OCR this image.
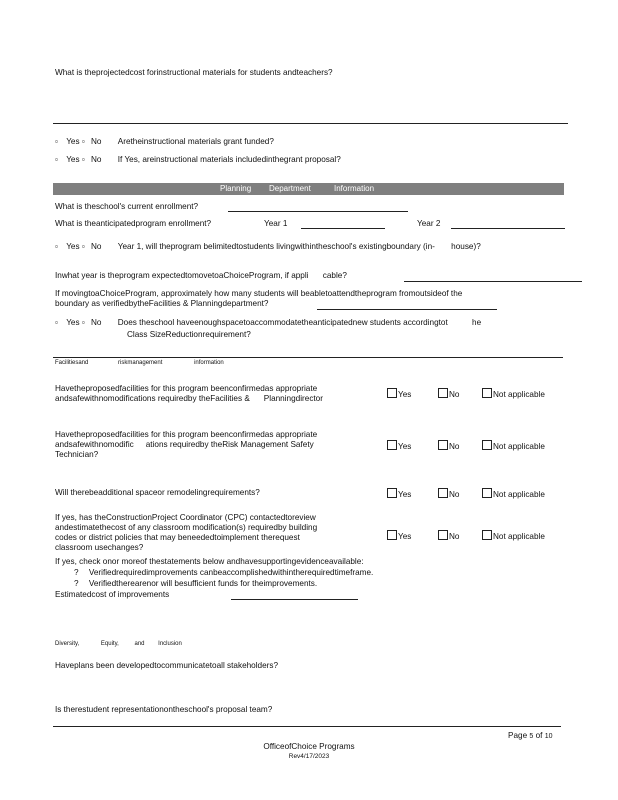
What is theprojectedcost forinstructional materials for students andteachers?
▫ Yes ▫ No Aretheinstructional materials grant funded?
▫ Yes ▫ No If Yes, areinstructional materials includedinthegrant proposal?
Planning Department	Information
What is theschool's current enrollment?
What is theanticipatedprogram enrollment?	Year 1	Year 2
▫ Yes ▫ No Year 1, will theprogram belimitedtostudents livingwithintheschool's existingboundary (in- house)?
Inwhat year is theprogram expectedtomovetoaChoiceProgram, if appli cable?
If movingtoaChoiceProgram, approximately how many students will beabletoattendtheprogram fromoutsideof the
boundary as verifiedbytheFacilities & Planningdepartment?
▫ Yes ▫ No Does theschool haveenoughspacetoaccommodatetheanticipatednew students accordingtot	he
Class SizeReductionrequirement?
Facilitiesand	riskmanagement	information
Havetheproposedfacilities for this program beenconfirmedas appropriate
andsafewithnomodifications requiredby theFacilities & Planningdirector	Yes	No	Not applicable
Havetheproposedfacilities for this program beenconfirmedas appropriate
andsafewithnomodific ations requiredby theRisk Management Safety
Technician?
Yes	No	Not applicable
Will therebeadditional spaceor remodelingrequirements?	Yes	No	Not applicable
If yes, has theConstructionProject Coordinator (CPC) contactedtoreview
andestimatethecost of any classroom modification(s) requiredby building
codes or district policies that may beneededtoimplement therequest
classroom usechanges?
Yes	No	Not applicable
If yes, check onor moreof thestatements below andhavesupportingevidenceavailable:
? Verifiedrequiredimprovements canbeaccomplishedwithintherequiredtimeframe.
? Verifiedtherearenor will besufficient funds for theimprovements.
Estimatedcost of improvements
Diversity,	Equity,	and Inclusion
Haveplans been developedtocommunicatetoall stakeholders?
Is therestudent representationontheschool's proposal team?
Page 5 of 10
OfficeofChoice Programs
Rev4/17/2023
